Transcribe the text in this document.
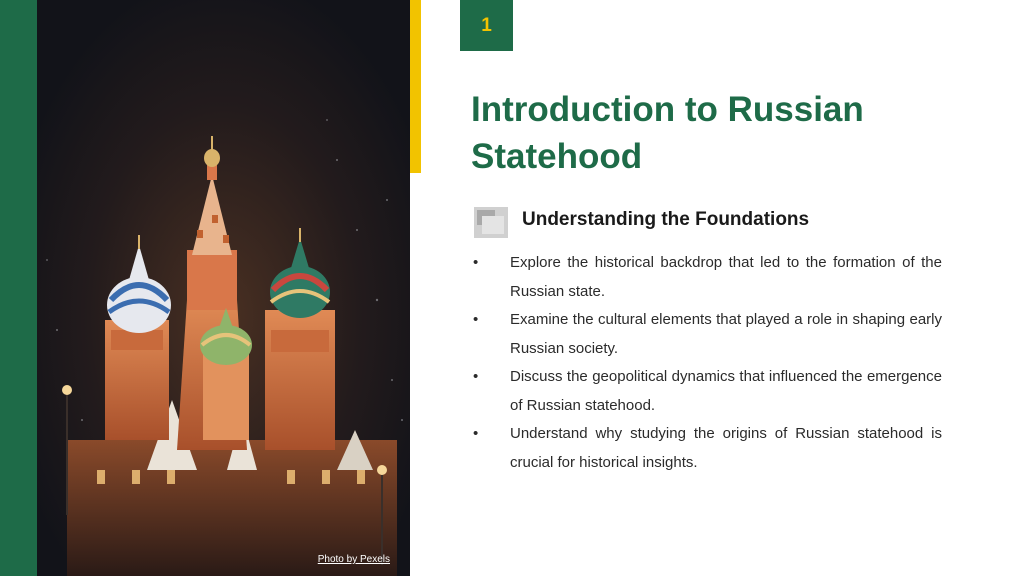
Photo by Pexels
1
Introduction to Russian Statehood
Understanding the Foundations
• Explore the historical backdrop that led to the formation of the Russian state.
• Examine the cultural elements that played a role in shaping early Russian society.
• Discuss the geopolitical dynamics that influenced the emergence of Russian statehood.
• Understand why studying the origins of Russian statehood is crucial for historical insights.
